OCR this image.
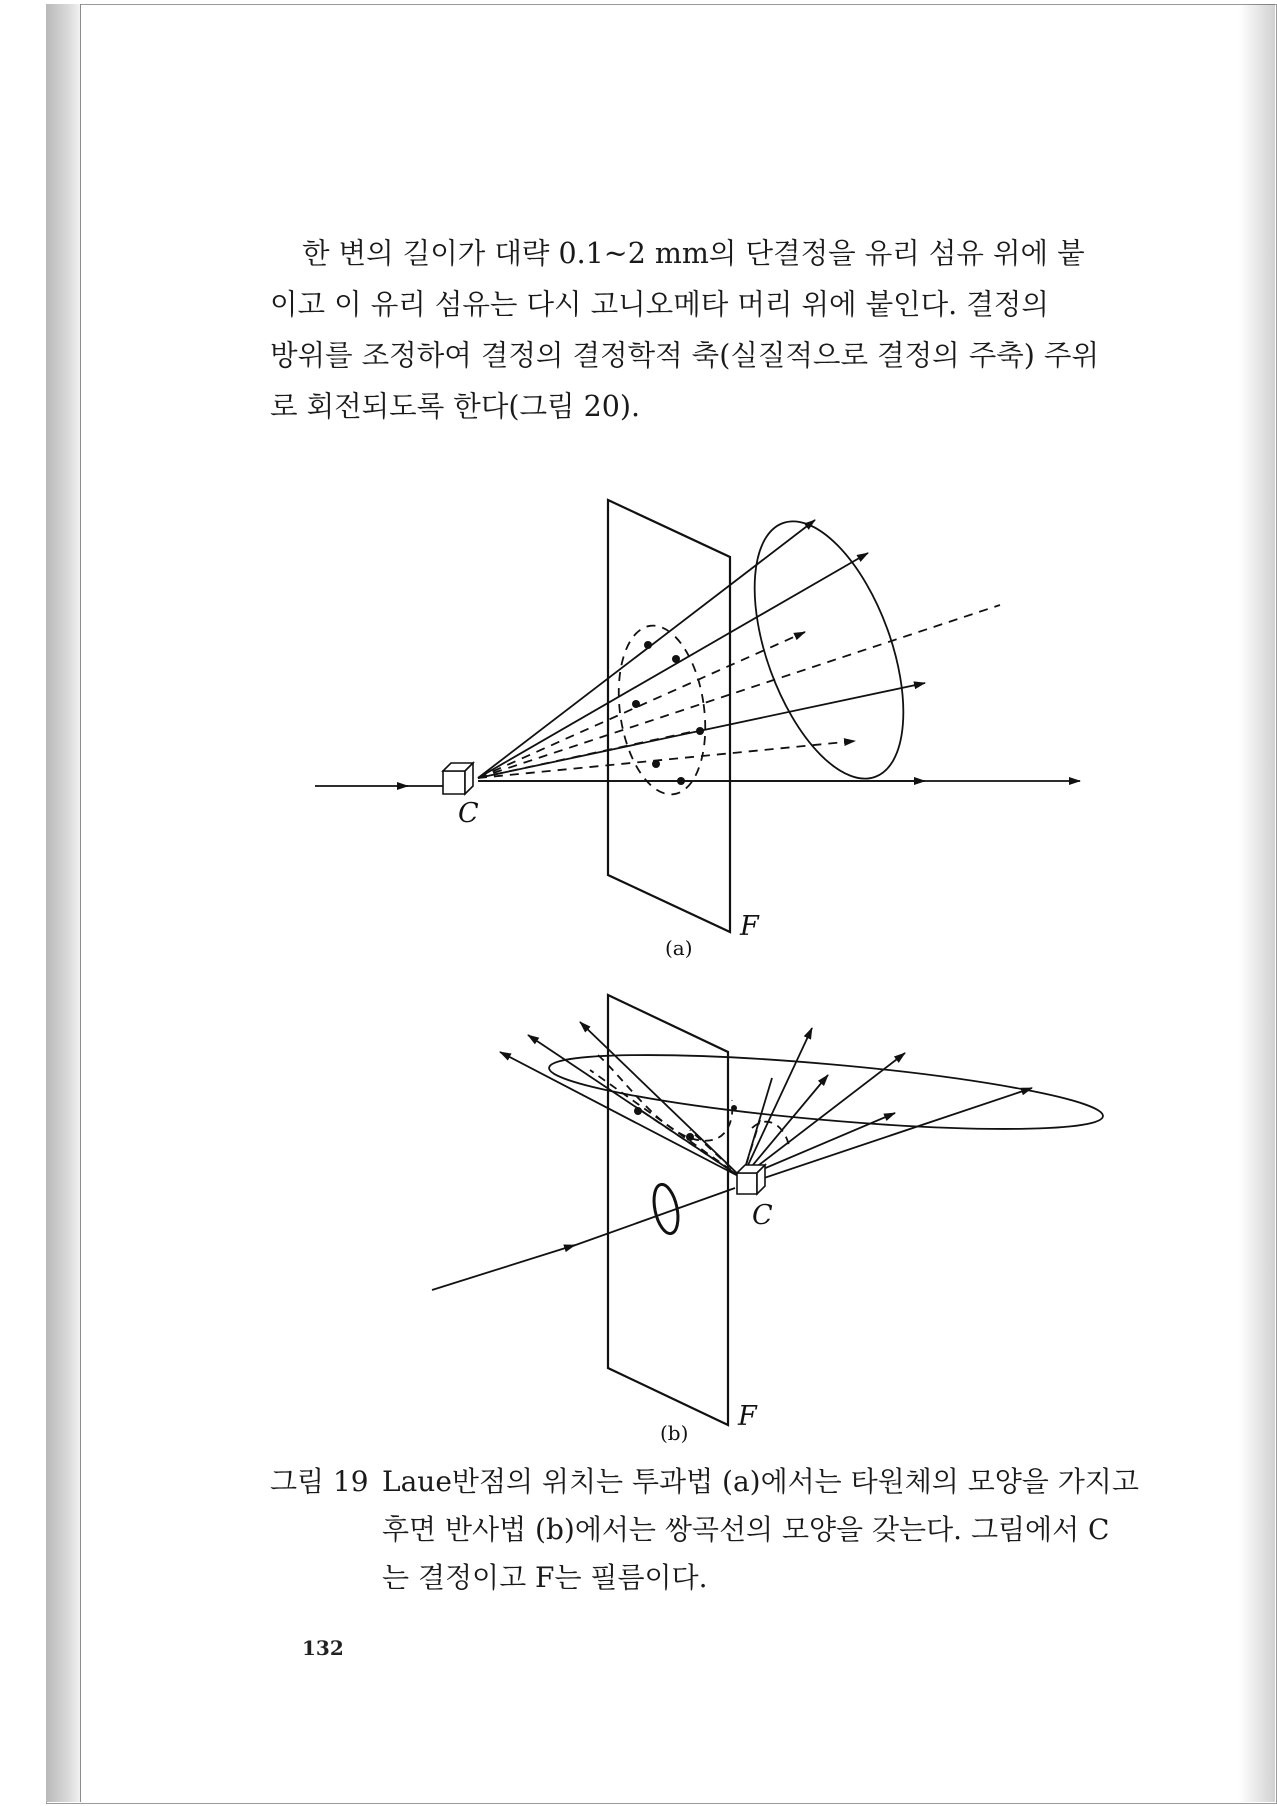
한 변의 길이가 대략 0.1~2 mm의 단결정을 유리 섬유 위에 붙
이고 이 유리 섬유는 다시 고니오메타 머리 위에 붙인다. 결정의
방위를 조정하여 결정의 결정학적 축(실질적으로 결정의 주축) 주위
로 회전되도록 한다(그림 20).
C
F
(a)
C
F
(b)
그림 19 Laue반점의 위치는 투과법 (a)에서는 타원체의 모양을 가지고
후면 반사법 (b)에서는 쌍곡선의 모양을 갖는다. 그림에서 C
는 결정이고 F는 필름이다.
132
